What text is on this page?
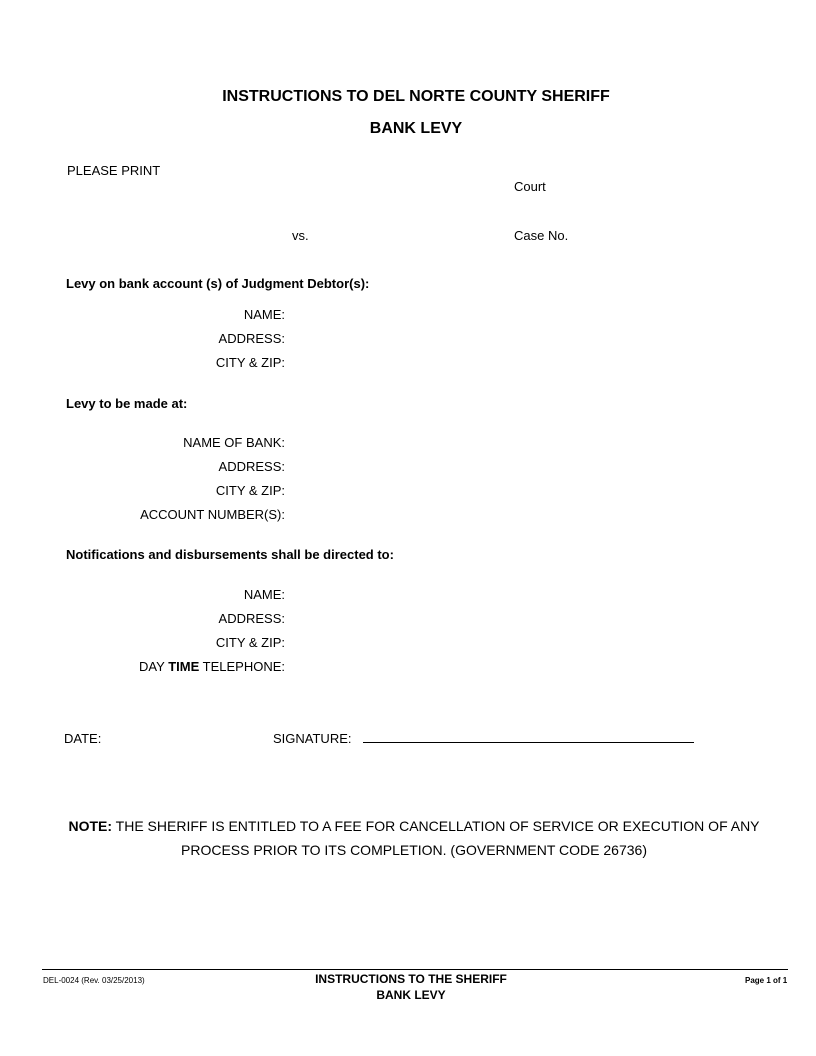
INSTRUCTIONS TO DEL NORTE COUNTY SHERIFF
BANK LEVY
PLEASE PRINT
Court
vs.	Case No.
Levy on bank account (s) of Judgment Debtor(s):
NAME:
ADDRESS:
CITY & ZIP:
Levy to be made at:
NAME OF BANK:
ADDRESS:
CITY & ZIP:
ACCOUNT NUMBER(S):
Notifications and disbursements shall be directed to:
NAME:
ADDRESS:
CITY & ZIP:
DAY TIME TELEPHONE:
DATE:	SIGNATURE:
NOTE: THE SHERIFF IS ENTITLED TO A FEE FOR CANCELLATION OF SERVICE OR EXECUTION OF ANY PROCESS PRIOR TO ITS COMPLETION. (GOVERNMENT CODE 26736)
DEL-0024 (Rev. 03/25/2013)	INSTRUCTIONS TO THE SHERIFF
BANK LEVY
Page 1 of 1
